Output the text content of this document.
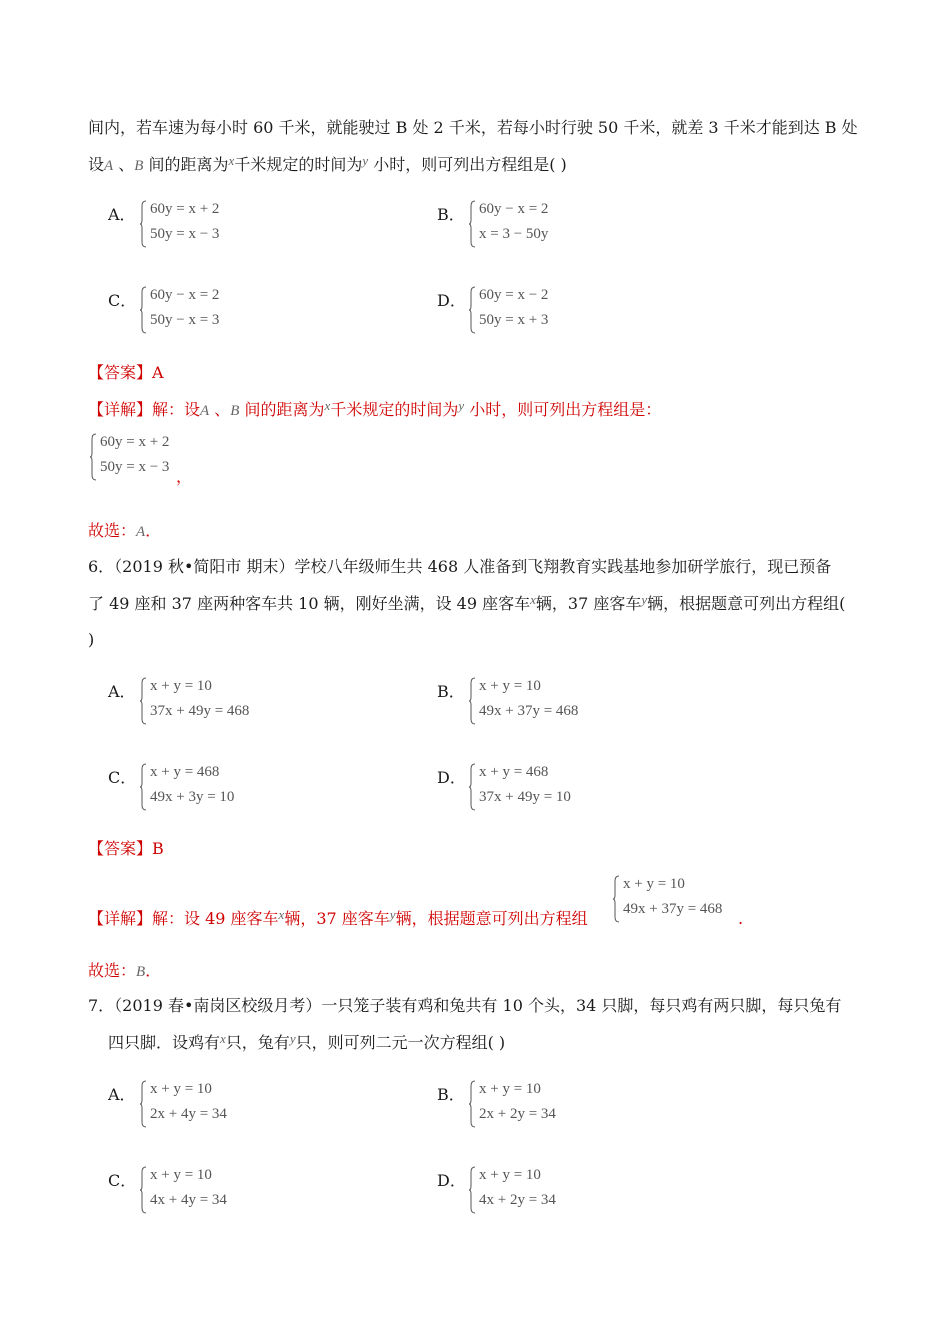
间内，若车速为每小时 60 千米，就能驶过 B 处 2 千米，若每小时行驶 50 千米，就差 3 千米才能到达 B 处
设A 、B 间的距离为$^x$千米规定的时间为$^y$ 小时，则可列出方程组是( )
A． 60y = x + 2
50y = x − 3
B． 60y − x = 2
x = 3 − 50y
C． 60y − x = 2
50y − x = 3
D． 60y = x − 2
50y = x + 3
【答案】A
【详解】解：设A 、B 间的距离为$^x$千米规定的时间为$^y$ 小时，则可列出方程组是：
60y = x + 2
50y = x − 3 ，
故选：A．
6．（2019 秋•简阳市 期末）学校八年级师生共 468 人准备到飞翔教育实践基地参加研学旅行，现已预备
了 49 座和 37 座两种客车共 10 辆，刚好坐满，设 49 座客车$^x$辆，37 座客车$^y$辆，根据题意可列出方程组(
)
A． x + y = 10
37x + 49y = 468
B． x + y = 10
49x + 37y = 468
C． x + y = 468
49x + 3y = 10
D． x + y = 468
37x + 49y = 10
【答案】B
【详解】解：设 49 座客车$^x$辆，37 座客车$^y$辆，根据题意可列出方程组
x + y = 10
49x + 37y = 468 .
故选：B．
7．（2019 春•南岗区校级月考）一只笼子装有鸡和兔共有 10 个头，34 只脚，每只鸡有两只脚，每只兔有
四只脚．设鸡有$^x$只，兔有$^y$只，则可列二元一次方程组( )
A． x + y = 10
2x + 4y = 34
B． x + y = 10
2x + 2y = 34
C． x + y = 10
4x + 4y = 34
D． x + y = 10
4x + 2y = 34
